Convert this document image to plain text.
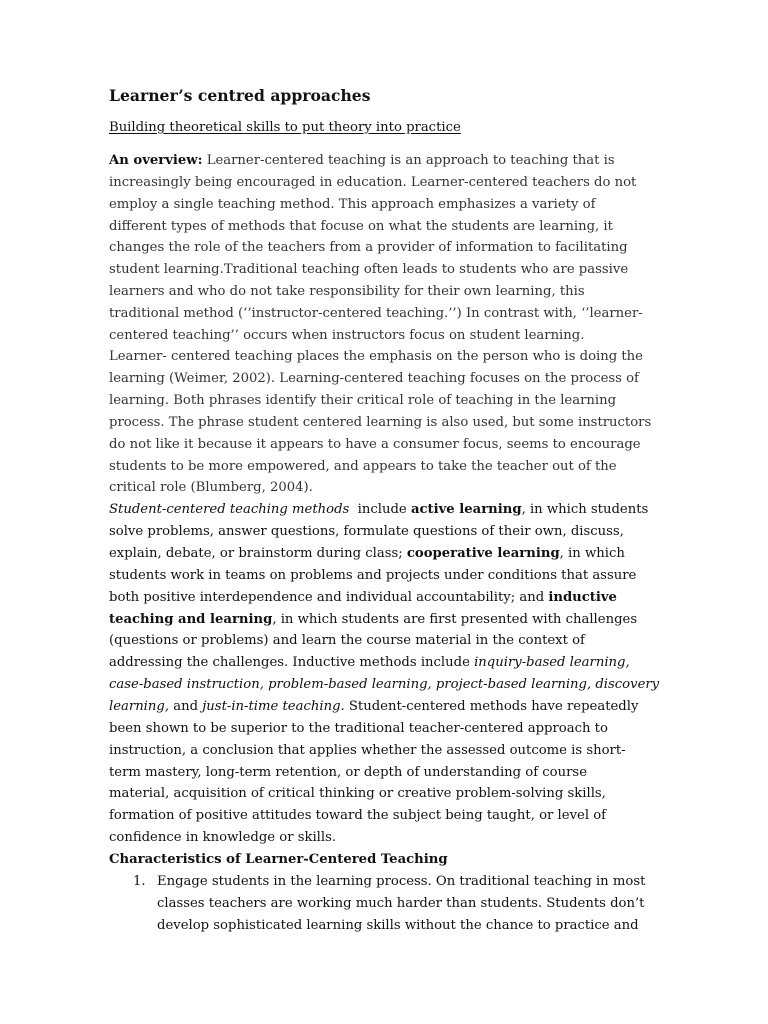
Learner’s centred approaches
Building theoretical skills to put theory into practice
An overview: Learner-centered teaching is an approach to teaching that is
increasingly being encouraged in education. Learner-centered teachers do not
employ a single teaching method. This approach emphasizes a variety of
different types of methods that focuse on what the students are learning, it
changes the role of the teachers from a provider of information to facilitating
student learning.Traditional teaching often leads to students who are passive
learners and who do not take responsibility for their own learning, this
traditional method (‘’instructor-centered teaching.’’) In contrast with, ‘’learner-
centered teaching’’ occurs when instructors focus on student learning.
Learner- centered teaching places the emphasis on the person who is doing the
learning (Weimer, 2002). Learning-centered teaching focuses on the process of
learning. Both phrases identify their critical role of teaching in the learning
process. The phrase student centered learning is also used, but some instructors
do not like it because it appears to have a consumer focus, seems to encourage
students to be more empowered, and appears to take the teacher out of the
critical role (Blumberg, 2004).
Student-centered teaching methods  include active learning, in which students
solve problems, answer questions, formulate questions of their own, discuss,
explain, debate, or brainstorm during class; cooperative learning, in which
students work in teams on problems and projects under conditions that assure
both positive interdependence and individual accountability; and inductive
teaching and learning, in which students are first presented with challenges
(questions or problems) and learn the course material in the context of
addressing the challenges. Inductive methods include inquiry-based learning,
case-based instruction, problem-based learning, project-based learning, discovery
learning, and just-in-time teaching. Student-centered methods have repeatedly
been shown to be superior to the traditional teacher-centered approach to
instruction, a conclusion that applies whether the assessed outcome is short-
term mastery, long-term retention, or depth of understanding of course
material, acquisition of critical thinking or creative problem-solving skills,
formation of positive attitudes toward the subject being taught, or level of
confidence in knowledge or skills.
Characteristics of Learner-Centered Teaching
1. Engage students in the learning process. On traditional teaching in most
classes teachers are working much harder than students. Students don’t
develop sophisticated learning skills without the chance to practice and
